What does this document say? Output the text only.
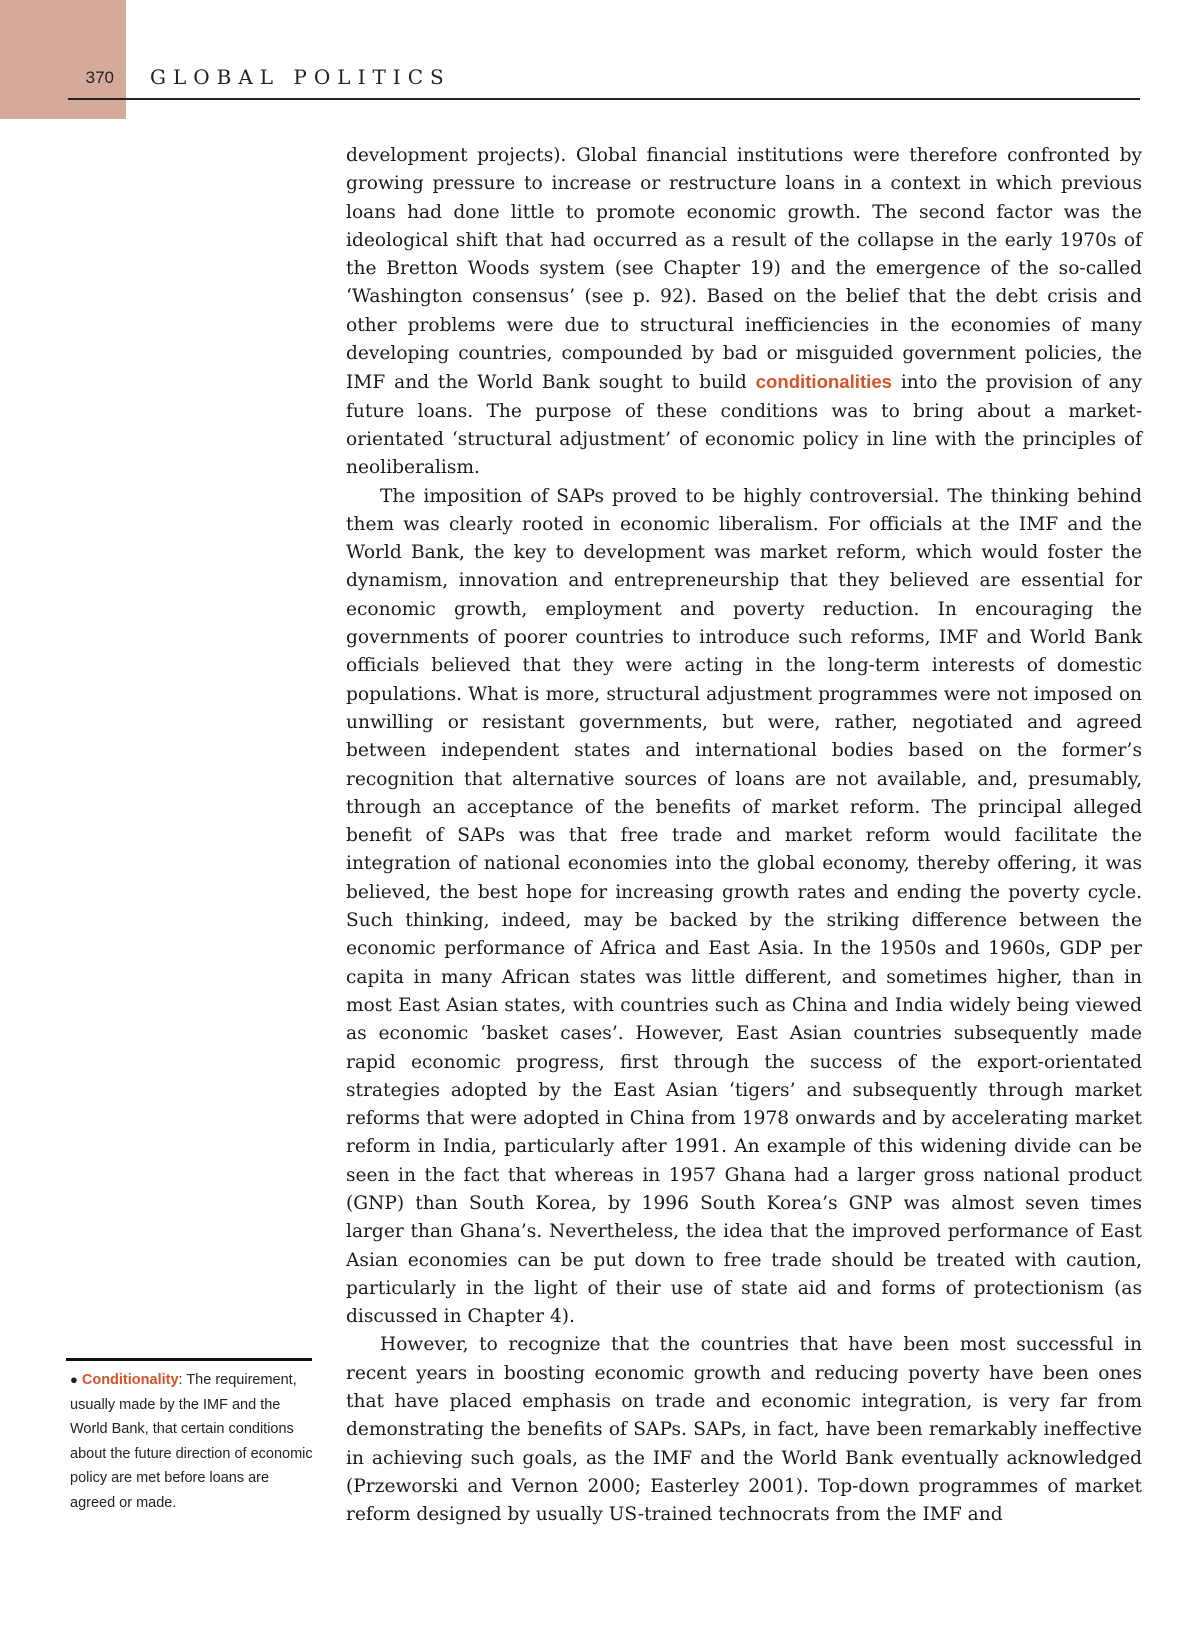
370	GLOBAL POLITICS

development projects). Global financial institutions were therefore confronted by growing pressure to increase or restructure loans in a context in which previous loans had done little to promote economic growth. The second factor was the ideological shift that had occurred as a result of the collapse in the early 1970s of the Bretton Woods system (see Chapter 19) and the emergence of the so-called ‘Washington consensus’ (see p. 92). Based on the belief that the debt crisis and other problems were due to structural inefficiencies in the economies of many developing countries, compounded by bad or misguided government policies, the IMF and the World Bank sought to build conditionalities into the provision of any future loans. The purpose of these conditions was to bring about a market-orientated ‘structural adjustment’ of economic policy in line with the principles of neoliberalism.

The imposition of SAPs proved to be highly controversial. The thinking behind them was clearly rooted in economic liberalism. For officials at the IMF and the World Bank, the key to development was market reform, which would foster the dynamism, innovation and entrepreneurship that they believed are essential for economic growth, employment and poverty reduction. In encouraging the governments of poorer countries to introduce such reforms, IMF and World Bank officials believed that they were acting in the long-term interests of domestic populations. What is more, structural adjustment programmes were not imposed on unwilling or resistant governments, but were, rather, negotiated and agreed between independent states and international bodies based on the former’s recognition that alternative sources of loans are not available, and, presumably, through an acceptance of the benefits of market reform. The principal alleged benefit of SAPs was that free trade and market reform would facilitate the integration of national economies into the global economy, thereby offering, it was believed, the best hope for increasing growth rates and ending the poverty cycle. Such thinking, indeed, may be backed by the striking difference between the economic performance of Africa and East Asia. In the 1950s and 1960s, GDP per capita in many African states was little different, and sometimes higher, than in most East Asian states, with countries such as China and India widely being viewed as economic ‘basket cases’. However, East Asian countries subsequently made rapid economic progress, first through the success of the export-orientated strategies adopted by the East Asian ‘tigers’ and subsequently through market reforms that were adopted in China from 1978 onwards and by accelerating market reform in India, particularly after 1991. An example of this widening divide can be seen in the fact that whereas in 1957 Ghana had a larger gross national product (GNP) than South Korea, by 1996 South Korea’s GNP was almost seven times larger than Ghana’s. Nevertheless, the idea that the improved performance of East Asian economies can be put down to free trade should be treated with caution, particularly in the light of their use of state aid and forms of protectionism (as discussed in Chapter 4).

However, to recognize that the countries that have been most successful in recent years in boosting economic growth and reducing poverty have been ones that have placed emphasis on trade and economic integration, is very far from demonstrating the benefits of SAPs. SAPs, in fact, have been remarkably ineffective in achieving such goals, as the IMF and the World Bank eventually acknowledged (Przeworski and Vernon 2000; Easterley 2001). Top-down programmes of market reform designed by usually US-trained technocrats from the IMF and

● Conditionality: The requirement, usually made by the IMF and the World Bank, that certain conditions about the future direction of economic policy are met before loans are agreed or made.
